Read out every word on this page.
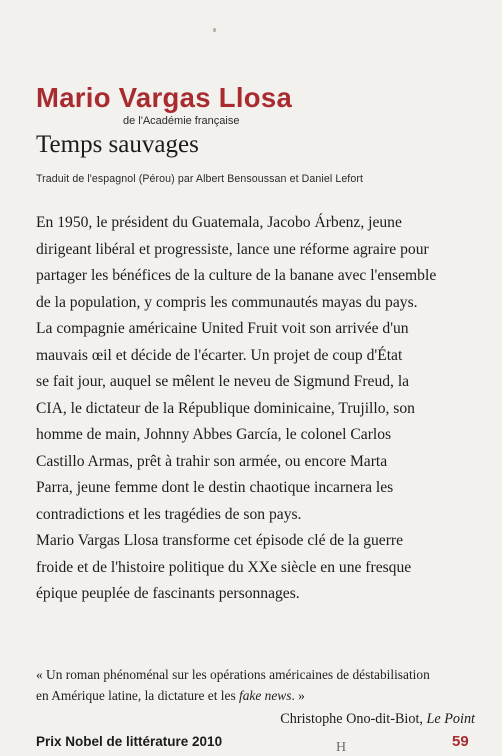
Mario Vargas Llosa
de l'Académie française
Temps sauvages
Traduit de l'espagnol (Pérou) par Albert Bensoussan et Daniel Lefort
En 1950, le président du Guatemala, Jacobo Árbenz, jeune
dirigeant libéral et progressiste, lance une réforme agraire pour
partager les bénéfices de la culture de la banane avec l'ensemble
de la population, y compris les communautés mayas du pays.
La compagnie américaine United Fruit voit son arrivée d'un
mauvais œil et décide de l'écarter. Un projet de coup d'État
se fait jour, auquel se mêlent le neveu de Sigmund Freud, la
CIA, le dictateur de la République dominicaine, Trujillo, son
homme de main, Johnny Abbes García, le colonel Carlos
Castillo Armas, prêt à trahir son armée, ou encore Marta
Parra, jeune femme dont le destin chaotique incarnera les
contradictions et les tragédies de son pays.
Mario Vargas Llosa transforme cet épisode clé de la guerre
froide et de l'histoire politique du XXe siècle en une fresque
épique peuplée de fascinants personnages.
« Un roman phénoménal sur les opérations américaines de déstabilisation
en Amérique latine, la dictature et les fake news. »
Christophe Ono-dit-Biot, Le Point
Prix Nobel de littérature 2010	H	59
